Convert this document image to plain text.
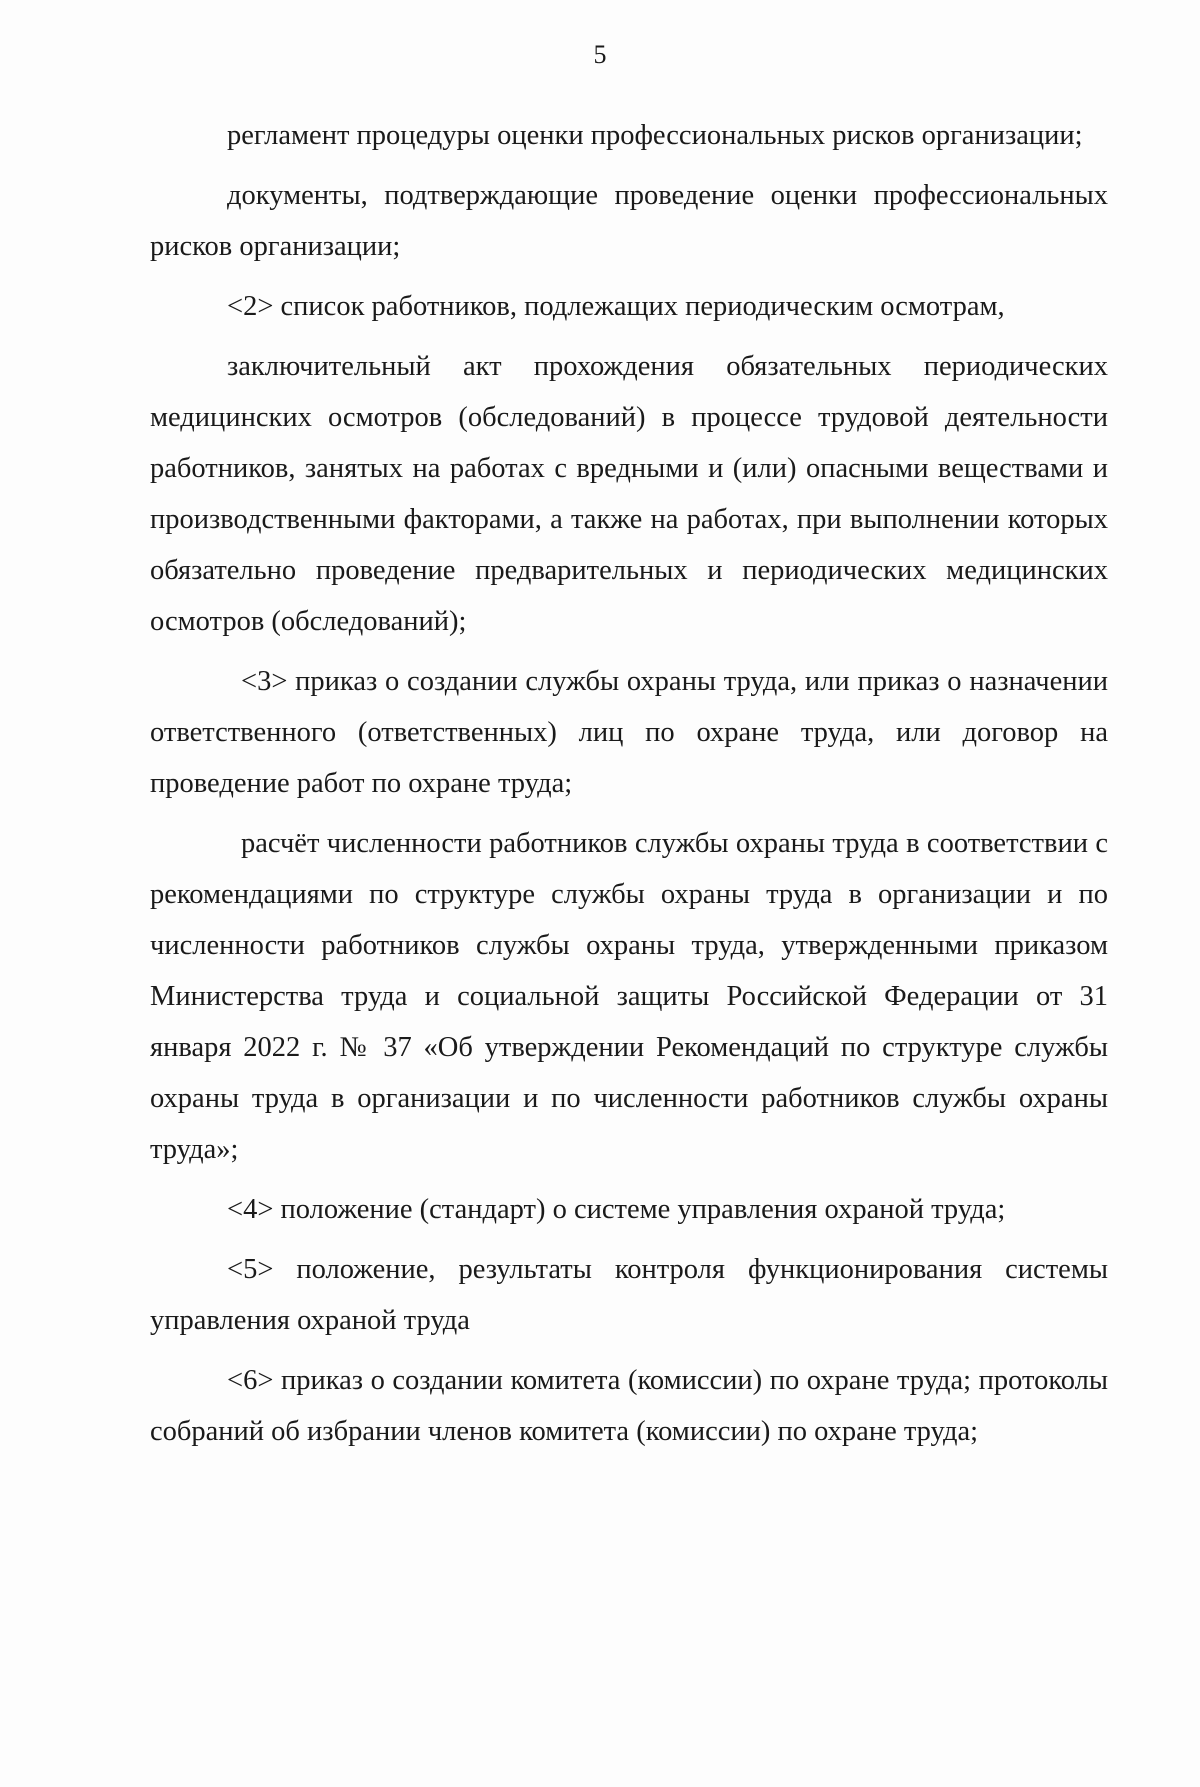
5

регламент процедуры оценки профессиональных рисков организации;

документы, подтверждающие проведение оценки профессиональных рисков организации;

<2> список работников, подлежащих периодическим осмотрам,

заключительный акт прохождения обязательных периодических медицинских осмотров (обследований) в процессе трудовой деятельности работников, занятых на работах с вредными и (или) опасными веществами и производственными факторами, а также на работах, при выполнении которых обязательно проведение предварительных и периодических медицинских осмотров (обследований);

<3> приказ о создании службы охраны труда, или приказ о назначении ответственного (ответственных) лиц по охране труда, или договор на проведение работ по охране труда;

расчёт численности работников службы охраны труда в соответствии с рекомендациями по структуре службы охраны труда в организации и по численности работников службы охраны труда, утвержденными приказом Министерства труда и социальной защиты Российской Федерации от 31 января 2022 г. № 37 «Об утверждении Рекомендаций по структуре службы охраны труда в организации и по численности работников службы охраны труда»;

<4> положение (стандарт) о системе управления охраной труда;

<5> положение, результаты контроля функционирования системы управления охраной труда

<6> приказ о создании комитета (комиссии) по охране труда; протоколы собраний об избрании членов комитета (комиссии) по охране труда;
